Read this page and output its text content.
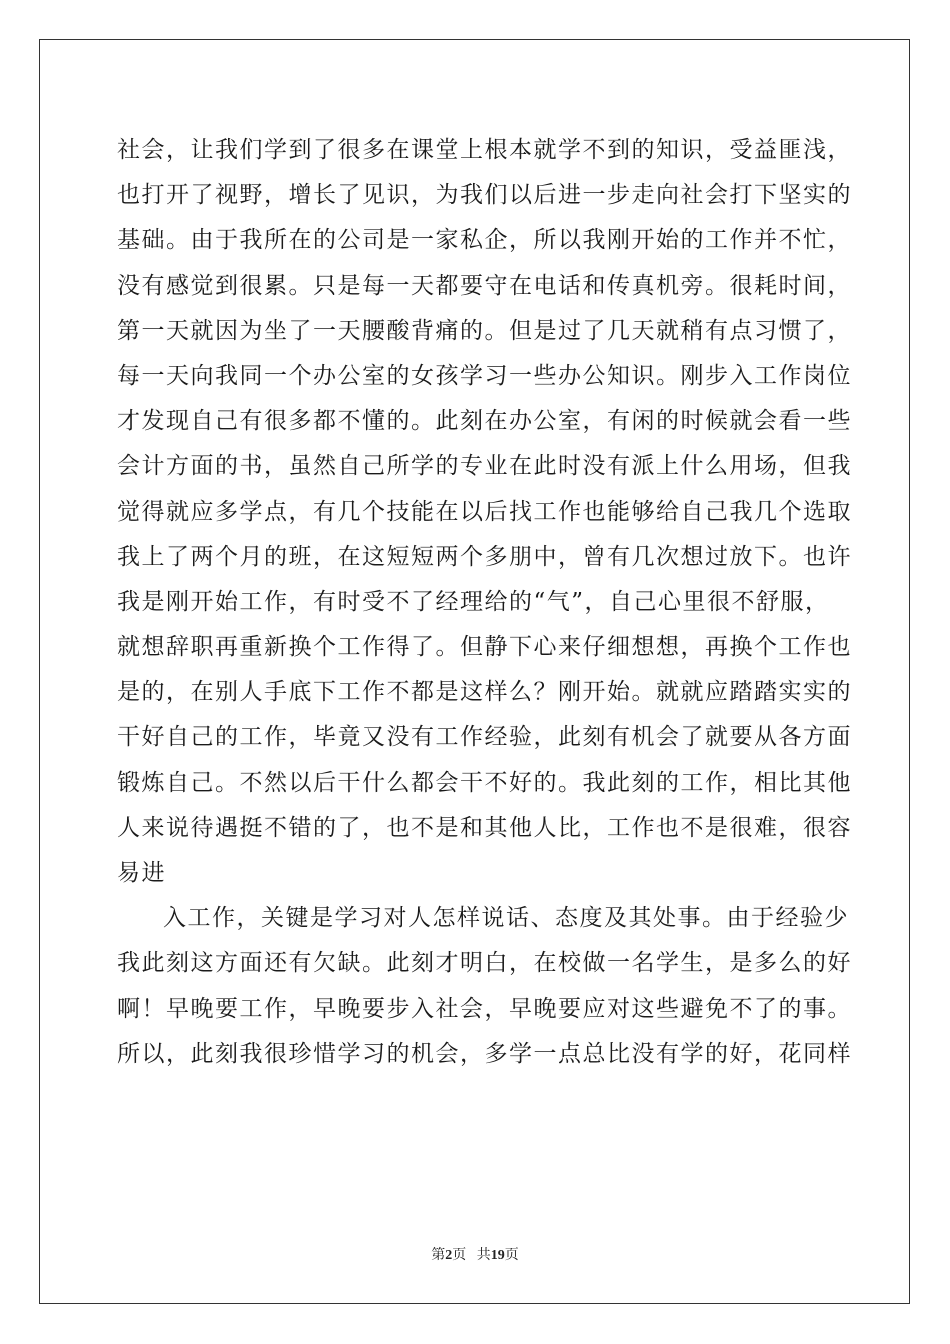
社会，让我们学到了很多在课堂上根本就学不到的知识，受益匪浅，
也打开了视野，增长了见识，为我们以后进一步走向社会打下坚实的
基础。由于我所在的公司是一家私企，所以我刚开始的工作并不忙，
没有感觉到很累。只是每一天都要守在电话和传真机旁。很耗时间，
第一天就因为坐了一天腰酸背痛的。但是过了几天就稍有点习惯了，
每一天向我同一个办公室的女孩学习一些办公知识。刚步入工作岗位
才发现自己有很多都不懂的。此刻在办公室，有闲的时候就会看一些
会计方面的书，虽然自己所学的专业在此时没有派上什么用场，但我
觉得就应多学点，有几个技能在以后找工作也能够给自己我几个选取
我上了两个月的班，在这短短两个多朋中，曾有几次想过放下。也许
我是刚开始工作，有时受不了经理给的“气”，自己心里很不舒服，
就想辞职再重新换个工作得了。但静下心来仔细想想，再换个工作也
是的，在别人手底下工作不都是这样么？刚开始。就就应踏踏实实的
干好自己的工作，毕竟又没有工作经验，此刻有机会了就要从各方面
锻炼自己。不然以后干什么都会干不好的。我此刻的工作，相比其他
人来说待遇挺不错的了，也不是和其他人比，工作也不是很难，很容
易进
入工作，关键是学习对人怎样说话、态度及其处事。由于经验少
我此刻这方面还有欠缺。此刻才明白，在校做一名学生，是多么的好
啊！早晚要工作，早晚要步入社会，早晚要应对这些避免不了的事。
所以，此刻我很珍惜学习的机会，多学一点总比没有学的好，花同样
第2页 共19页
